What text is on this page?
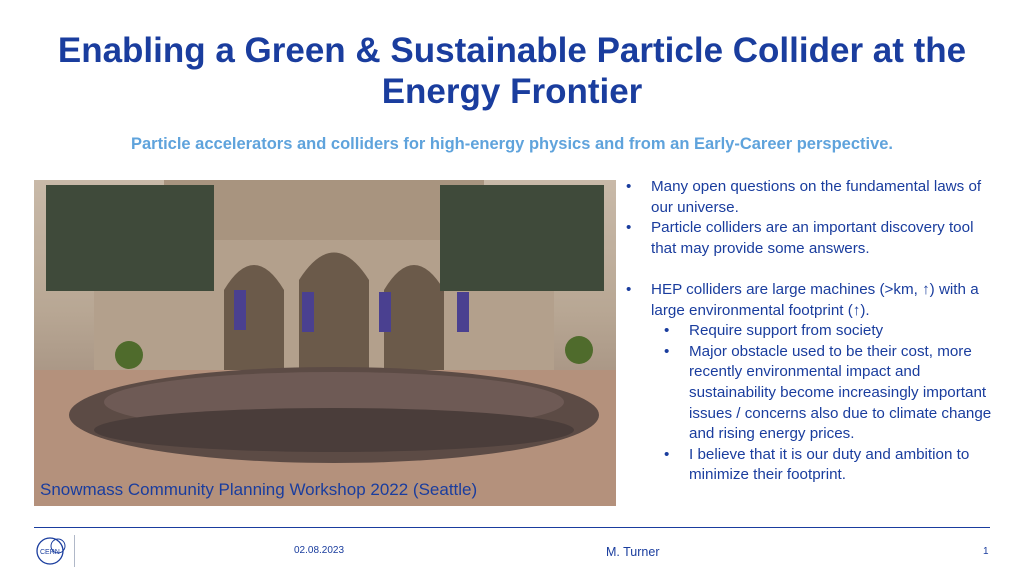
Enabling a Green & Sustainable Particle Collider at the Energy Frontier
Particle accelerators and colliders for high-energy physics and from an Early-Career perspective.
Snowmass Community Planning Workshop 2022 (Seattle)
•	Many open questions on the fundamental laws of our universe.
•	Particle colliders are an important discovery tool that may provide some answers.
•	HEP colliders are large machines (>km, ↑) with a large environmental footprint (↑).
•	Require support from society
•	Major obstacle used to be their cost, more recently environmental impact and sustainability become increasingly important issues / concerns also due to climate change and rising energy prices.
•	I believe that it is our duty and ambition to minimize their footprint.
CERN	02.08.2023	M. Turner	1
